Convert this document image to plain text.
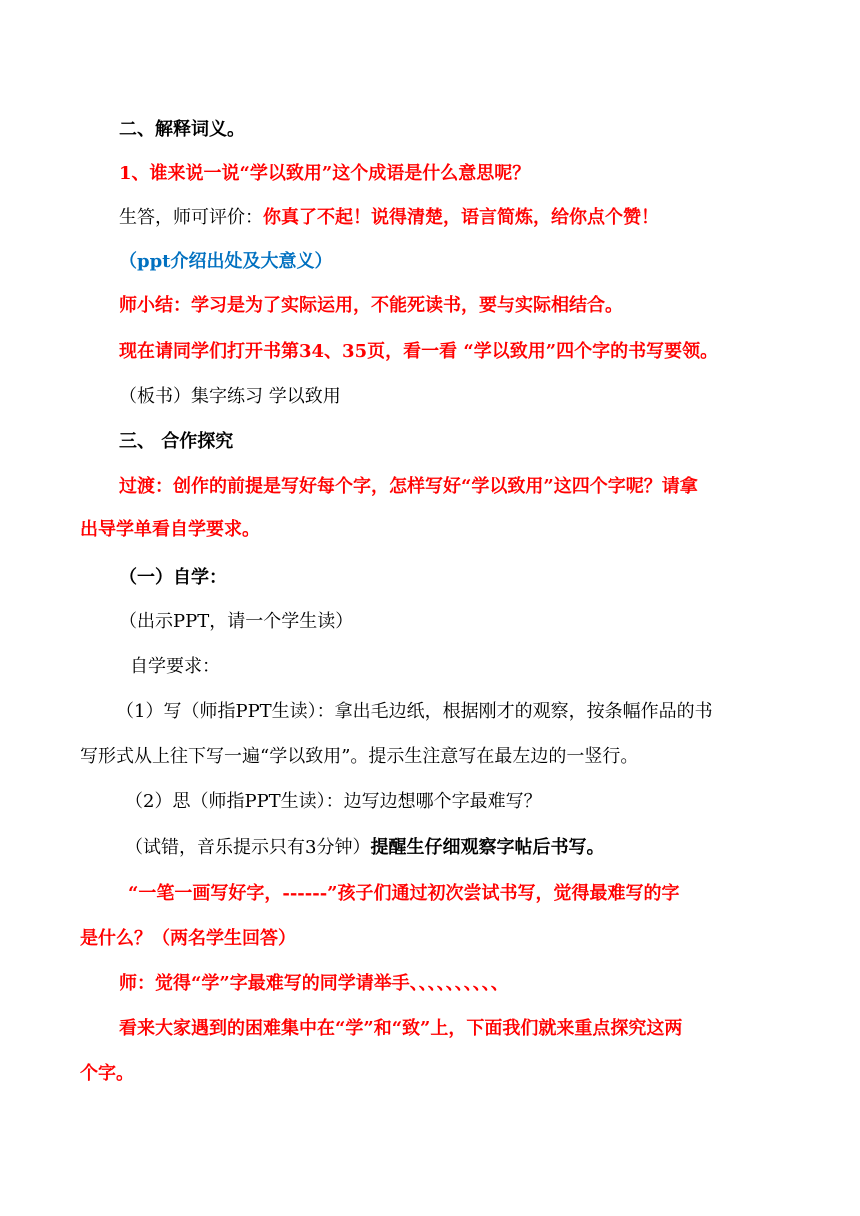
二、解释词义。
1、谁来说一说“学以致用”这个成语是什么意思呢？
生答，师可评价：你真了不起！说得清楚，语言简炼，给你点个赞！
（ppt介绍出处及大意义）
师小结：学习是为了实际运用，不能死读书，要与实际相结合。
现在请同学们打开书第34、35页，看一看 “学以致用”四个字的书写要领。
（板书）集字练习 学以致用
三、 合作探究
过渡：创作的前提是写好每个字，怎样写好“学以致用”这四个字呢？请拿
出导学单看自学要求。
（一）自学：
（出示PPT，请一个学生读）
自学要求：
（1）写（师指PPT生读）：拿出毛边纸，根据刚才的观察，按条幅作品的书
写形式从上往下写一遍“学以致用”。提示生注意写在最左边的一竖行。
（2）思（师指PPT生读）：边写边想哪个字最难写？
（试错，音乐提示只有3分钟）提醒生仔细观察字帖后书写。
“一笔一画写好字，------”孩子们通过初次尝试书写，觉得最难写的字
是什么？（两名学生回答）
师：觉得“学”字最难写的同学请举手、、、、、、、、、、
看来大家遇到的困难集中在“学”和“致”上，下面我们就来重点探究这两
个字。
